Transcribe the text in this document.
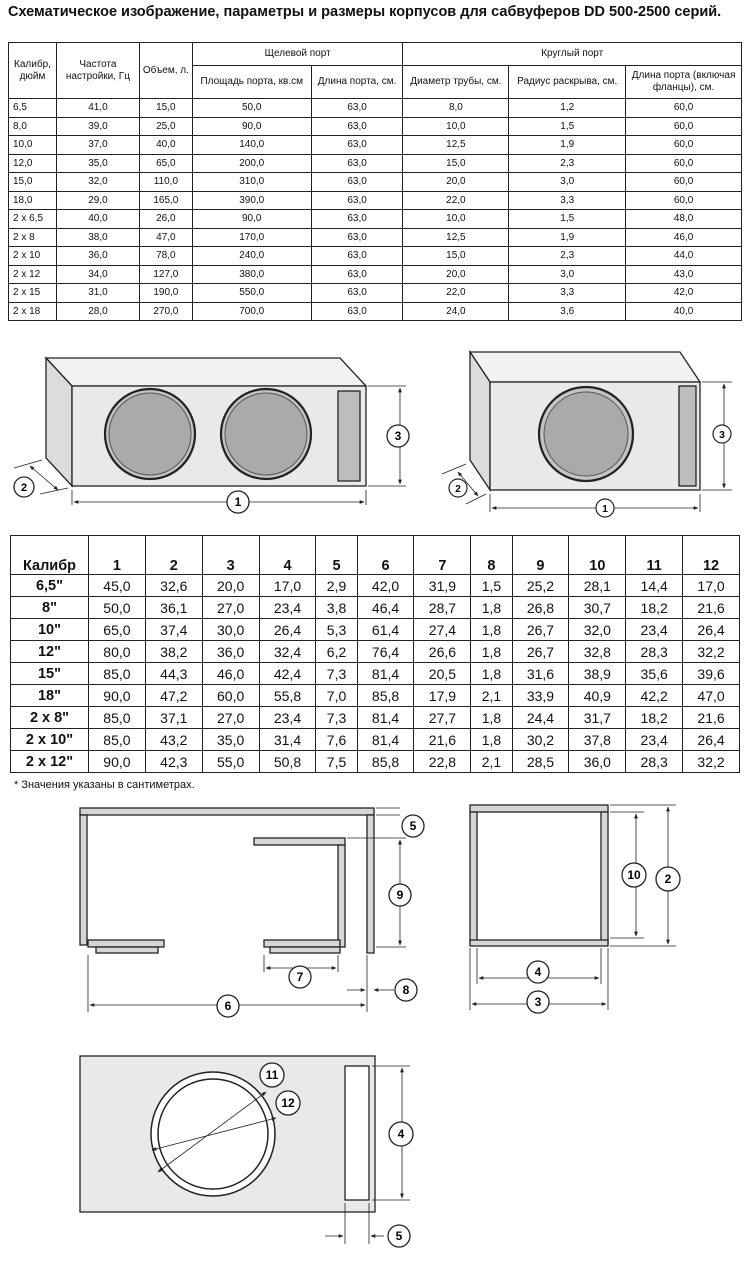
Схематическое изображение, параметры и размеры корпусов для сабвуферов DD 500-2500 серий.
Калибр, дюйм	Частота настройки, Гц	Объем, л.	Щелевой порт		Круглый порт		
			Площадь порта, кв.см	Длина порта, см.	Диаметр трубы, см.	Радиус раскрыва, см.	Длина порта (включая фланцы), см.
6,5	41,0	15,0	50,0	63,0	8,0	1,2	60,0
8,0	39,0	25,0	90,0	63,0	10,0	1,5	60,0
10,0	37,0	40,0	140,0	63,0	12,5	1,9	60,0
12,0	35,0	65,0	200,0	63,0	15,0	2,3	60,0
15,0	32,0	110,0	310,0	63,0	20,0	3,0	60,0
18,0	29,0	165,0	390,0	63,0	22,0	3,3	60,0
2 x 6,5	40,0	26,0	90,0	63,0	10,0	1,5	48,0
2 x 8	38,0	47,0	170,0	63,0	12,5	1,9	46,0
2 x 10	36,0	78,0	240,0	63,0	15,0	2,3	44,0
2 x 12	34,0	127,0	380,0	63,0	20,0	3,0	43,0
2 x 15	31,0	190,0	550,0	63,0	22,0	3,3	42,0
2 x 18	28,0	270,0	700,0	63,0	24,0	3,6	40,0
Калибр	1	2	3	4	5	6	7	8	9	10	11	12
6,5"	45,0	32,6	20,0	17,0	2,9	42,0	31,9	1,5	25,2	28,1	14,4	17,0
8"	50,0	36,1	27,0	23,4	3,8	46,4	28,7	1,8	26,8	30,7	18,2	21,6
10"	65,0	37,4	30,0	26,4	5,3	61,4	27,4	1,8	26,7	32,0	23,4	26,4
12"	80,0	38,2	36,0	32,4	6,2	76,4	26,6	1,8	26,7	32,8	28,3	32,2
15"	85,0	44,3	46,0	42,4	7,3	81,4	20,5	1,8	31,6	38,9	35,6	39,6
18"	90,0	47,2	60,0	55,8	7,0	85,8	17,9	2,1	33,9	40,9	42,2	47,0
2 x 8"	85,0	37,1	27,0	23,4	7,3	81,4	27,7	1,8	24,4	31,7	18,2	21,6
2 x 10"	85,0	43,2	35,0	31,4	7,6	81,4	21,6	1,8	30,2	37,8	23,4	26,4
2 x 12"	90,0	42,3	55,0	50,8	7,5	85,8	22,8	2,1	28,5	36,0	28,3	32,2
* Значения указаны в сантиметрах.
3
1
2
3
1
2
5
9
7
8
6
10 2
4
3
11
12
4
5
